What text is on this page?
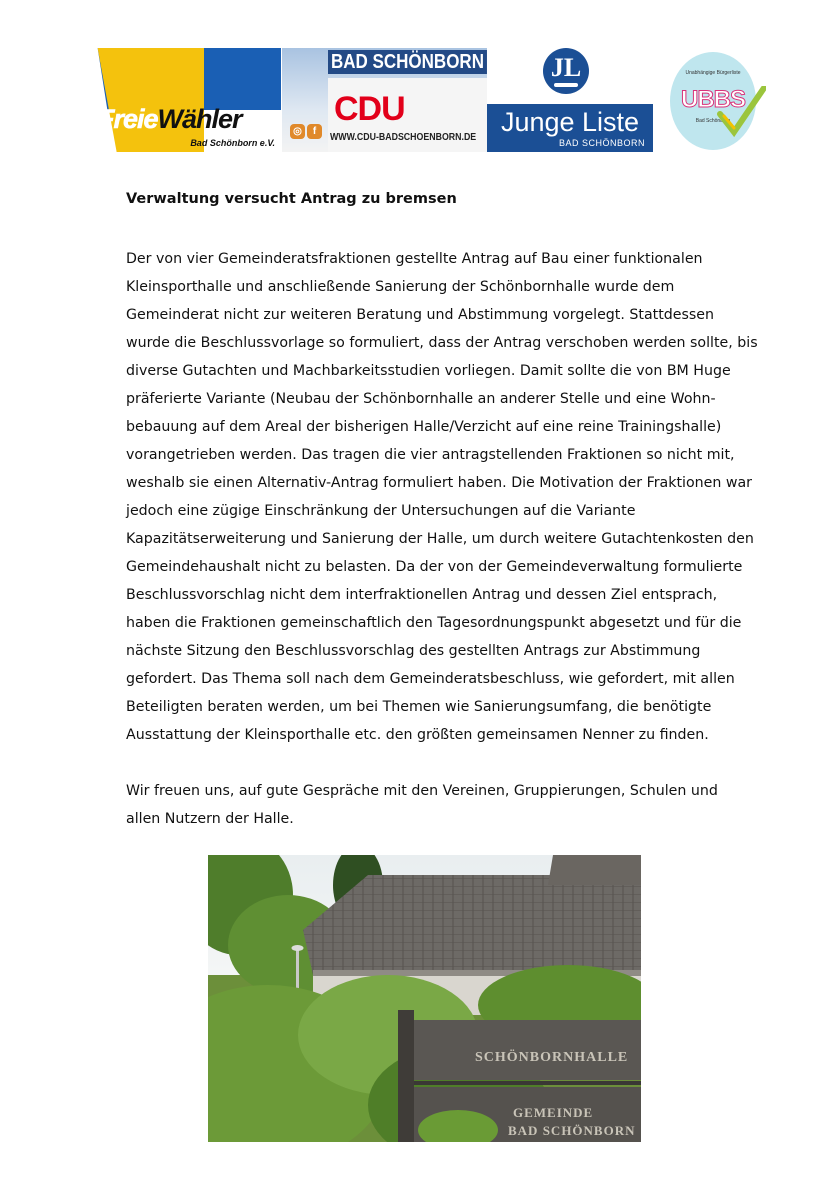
FreieWähler
Bad Schönborn e.V.
BAD SCHÖNBORN
CDU
WWW.CDU-BADSCHOENBORN.DE
◎	f
JL
Junge Liste
BAD SCHÖNBORN
Unabhängige Bürgerliste
UBBS
Bad Schönborn
Verwaltung versucht Antrag zu bremsen
Der von vier Gemeinderatsfraktionen gestellte Antrag auf Bau einer funktionalen
Kleinsporthalle und anschließende Sanierung der Schönbornhalle wurde dem
Gemeinderat nicht zur weiteren Beratung und Abstimmung vorgelegt. Stattdessen
wurde die Beschlussvorlage so formuliert, dass der Antrag verschoben werden sollte, bis
diverse Gutachten und Machbarkeitsstudien vorliegen. Damit sollte die von BM Huge
präferierte Variante (Neubau der Schönbornhalle an anderer Stelle und eine Wohn-
bebauung auf dem Areal der bisherigen Halle/Verzicht auf eine reine Trainingshalle)
vorangetrieben werden. Das tragen die vier antragstellenden Fraktionen so nicht mit,
weshalb sie einen Alternativ-Antrag formuliert haben. Die Motivation der Fraktionen war
jedoch eine zügige Einschränkung der Untersuchungen auf die Variante
Kapazitätserweiterung und Sanierung der Halle, um durch weitere Gutachtenkosten den
Gemeindehaushalt nicht zu belasten. Da der von der Gemeindeverwaltung formulierte
Beschlussvorschlag nicht dem interfraktionellen Antrag und dessen Ziel entsprach,
haben die Fraktionen gemeinschaftlich den Tagesordnungspunkt abgesetzt und für die
nächste Sitzung den Beschlussvorschlag des gestellten Antrags zur Abstimmung
gefordert. Das Thema soll nach dem Gemeinderatsbeschluss, wie gefordert, mit allen
Beteiligten beraten werden, um bei Themen wie Sanierungsumfang, die benötigte
Ausstattung der Kleinsporthalle etc. den größten gemeinsamen Nenner zu finden.
Wir freuen uns, auf gute Gespräche mit den Vereinen, Gruppierungen, Schulen und
allen Nutzern der Halle.
SCHÖNBORNHALLE
GEMEINDE
BAD SCHÖNBORN
